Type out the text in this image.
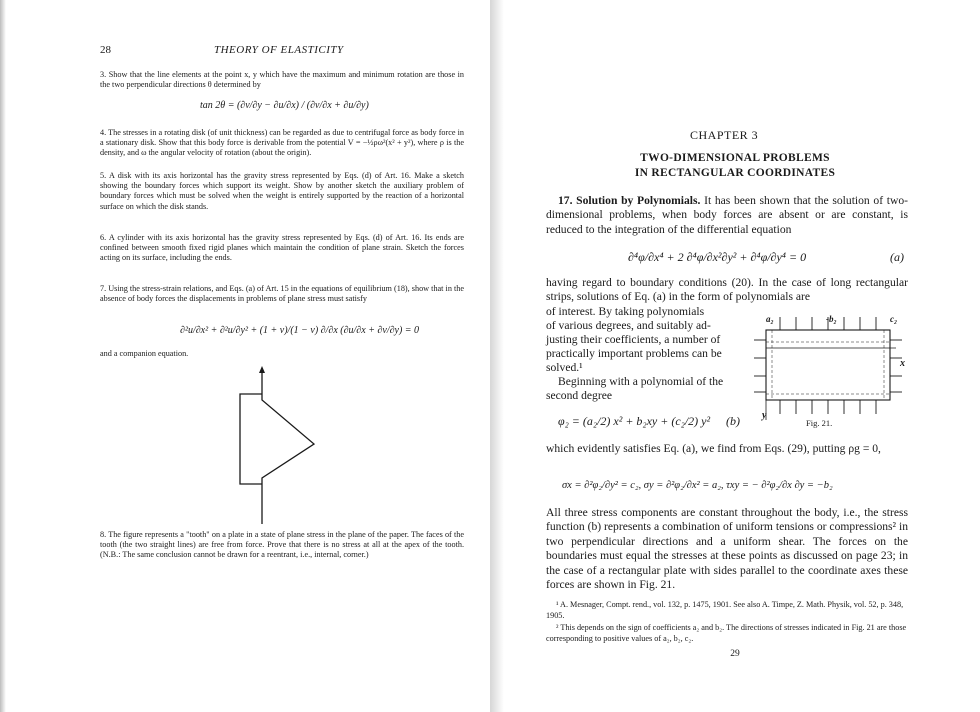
28	THEORY OF ELASTICITY
3. Show that the line elements at the point x, y which have the maximum and minimum rotation are those in the two perpendicular directions θ determined by
tan 2θ = (∂v/∂y − ∂u/∂x) / (∂v/∂x + ∂u/∂y)
4. The stresses in a rotating disk (of unit thickness) can be regarded as due to centrifugal force as body force in a stationary disk. Show that this body force is derivable from the potential V = −½ρω²(x² + y²), where ρ is the density, and ω the angular velocity of rotation (about the origin).
5. A disk with its axis horizontal has the gravity stress represented by Eqs. (d) of Art. 16. Make a sketch showing the boundary forces which support its weight. Show by another sketch the auxiliary problem of boundary forces which must be solved when the weight is entirely supported by the reaction of a horizontal surface on which the disk stands.
6. A cylinder with its axis horizontal has the gravity stress represented by Eqs. (d) of Art. 16. Its ends are confined between smooth fixed rigid planes which maintain the condition of plane strain. Sketch the forces acting on its surface, including the ends.
7. Using the stress-strain relations, and Eqs. (a) of Art. 15 in the equations of equilibrium (18), show that in the absence of body forces the displacements in problems of plane stress must satisfy
∂²u/∂x² + ∂²u/∂y² + (1 + ν)/(1 − ν) ∂/∂x (∂u/∂x + ∂v/∂y) = 0
and a companion equation.
8. The figure represents a "tooth" on a plate in a state of plane stress in the plane of the paper. The faces of the tooth (the two straight lines) are free from force. Prove that there is no stress at all at the apex of the tooth. (N.B.: The same conclusion cannot be drawn for a reentrant, i.e., internal, corner.)
CHAPTER 3
TWO-DIMENSIONAL PROBLEMS
IN RECTANGULAR COORDINATES
17. Solution by Polynomials. It has been shown that the solution of two-dimensional problems, when body forces are absent or are constant, is reduced to the integration of the differential equation
∂⁴φ/∂x⁴ + 2 ∂⁴φ/∂x²∂y² + ∂⁴φ/∂y⁴ = 0	(a)
having regard to boundary conditions (20). In the case of long rectangular strips, solutions of Eq. (a) in the form of polynomials are
of interest. By taking polynomials
of various degrees, and suitably ad-
justing their coefficients, a number of
practically important problems can be
solved.¹
Beginning with a polynomial of the
second degree
φ₂ = (a₂/2) x² + b₂xy + (c₂/2) y² (b)
a₂	-b₂	c₂
x
y
Fig. 21.
which evidently satisfies Eq. (a), we find from Eqs. (29), putting ρg = 0,
σx = ∂²φ₂/∂y² = c₂, σy = ∂²φ₂/∂x² = a₂, τxy = − ∂²φ₂/∂x ∂y = −b₂
All three stress components are constant throughout the body, i.e., the stress function (b) represents a combination of uniform tensions or compressions² in two perpendicular directions and a uniform shear. The forces on the boundaries must equal the stresses at these points as discussed on page 23; in the case of a rectangular plate with sides parallel to the coordinate axes these forces are shown in Fig. 21.
¹ A. Mesnager, Compt. rend., vol. 132, p. 1475, 1901. See also A. Timpe, Z. Math. Physik, vol. 52, p. 348, 1905.
² This depends on the sign of coefficients a₂ and b₂. The directions of stresses indicated in Fig. 21 are those corresponding to positive values of a₂, b₂, c₂.
29
